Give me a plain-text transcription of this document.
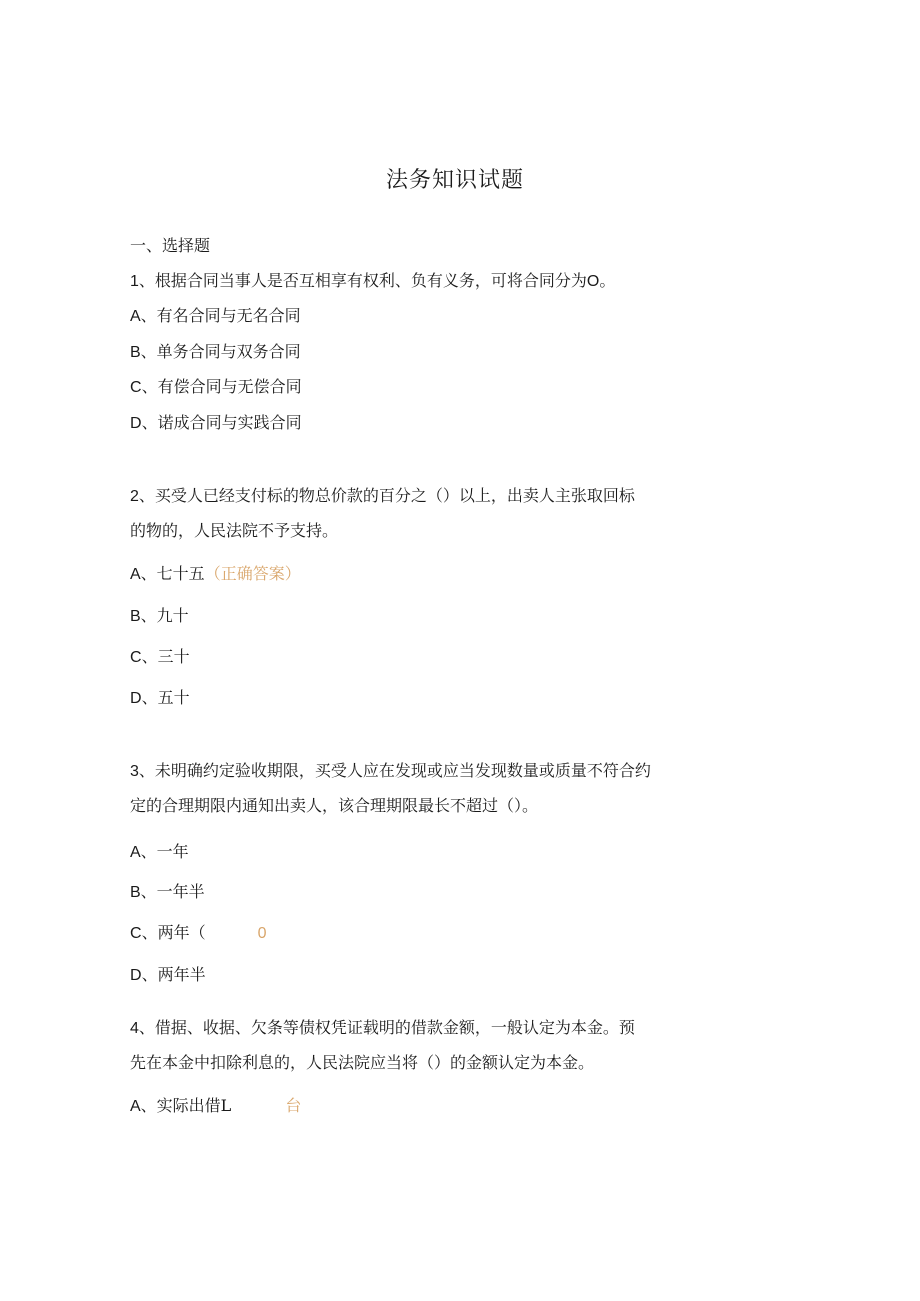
法务知识试题
一、选择题
1、根据合同当事人是否互相享有权利、负有义务，可将合同分为O。
A、有名合同与无名合同
B、单务合同与双务合同
C、有偿合同与无偿合同
D、诺成合同与实践合同
2、买受人已经支付标的物总价款的百分之（）以上，出卖人主张取回标
的物的，人民法院不予支持。
A、七十五（正确答案）
B、九十
C、三十
D、五十
3、未明确约定验收期限，买受人应在发现或应当发现数量或质量不符合约
定的合理期限内通知出卖人，该合理期限最长不超过（）。
A、一年
B、一年半
C、两年（	0
D、两年半
4、借据、收据、欠条等债权凭证载明的借款金额，一般认定为本金。预
先在本金中扣除利息的，人民法院应当将（）的金额认定为本金。
A、实际出借L	台
